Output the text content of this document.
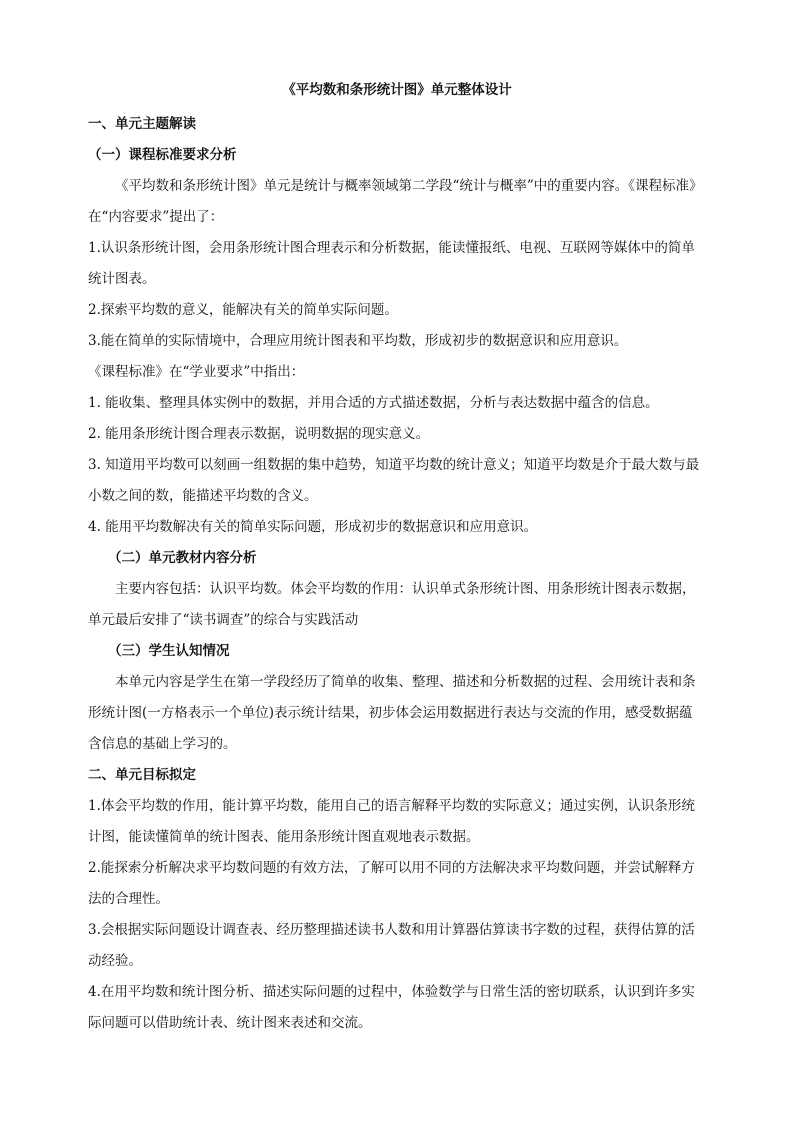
《平均数和条形统计图》单元整体设计
一、单元主题解读
（一）课程标准要求分析

《平均数和条形统计图》单元是统计与概率领域第二学段“统计与概率”中的重要内容。《课程标准》在“内容要求”提出了：

1.认识条形统计图，会用条形统计图合理表示和分析数据，能读懂报纸、电视、互联网等媒体中的简单统计图表。

2.探索平均数的意义，能解决有关的简单实际问题。

3.能在简单的实际情境中，合理应用统计图表和平均数，形成初步的数据意识和应用意识。

《课程标准》在“学业要求”中指出：

1. 能收集、整理具体实例中的数据，并用合适的方式描述数据，分析与表达数据中蕴含的信息。

2. 能用条形统计图合理表示数据，说明数据的现实意义。

3. 知道用平均数可以刻画一组数据的集中趋势，知道平均数的统计意义；知道平均数是介于最大数与最小数之间的数，能描述平均数的含义。

4. 能用平均数解决有关的简单实际问题，形成初步的数据意识和应用意识。

（二）单元教材内容分析

主要内容包括：认识平均数。体会平均数的作用：认识单式条形统计图、用条形统计图表示数据，单元最后安排了“读书调查”的综合与实践活动

（三）学生认知情况

本单元内容是学生在第一学段经历了简单的收集、整理、描述和分析数据的过程、会用统计表和条形统计图(一方格表示一个单位)表示统计结果，初步体会运用数据进行表达与交流的作用，感受数据蕴含信息的基础上学习的。

二、单元目标拟定

1.体会平均数的作用，能计算平均数，能用自己的语言解释平均数的实际意义；通过实例，认识条形统计图，能读懂简单的统计图表、能用条形统计图直观地表示数据。

2.能探索分析解决求平均数问题的有效方法，了解可以用不同的方法解决求平均数问题，并尝试解释方法的合理性。

3.会根据实际问题设计调查表、经历整理描述读书人数和用计算器估算读书字数的过程，获得估算的活动经验。

4.在用平均数和统计图分析、描述实际问题的过程中，体验数学与日常生活的密切联系，认识到许多实际问题可以借助统计表、统计图来表述和交流。
